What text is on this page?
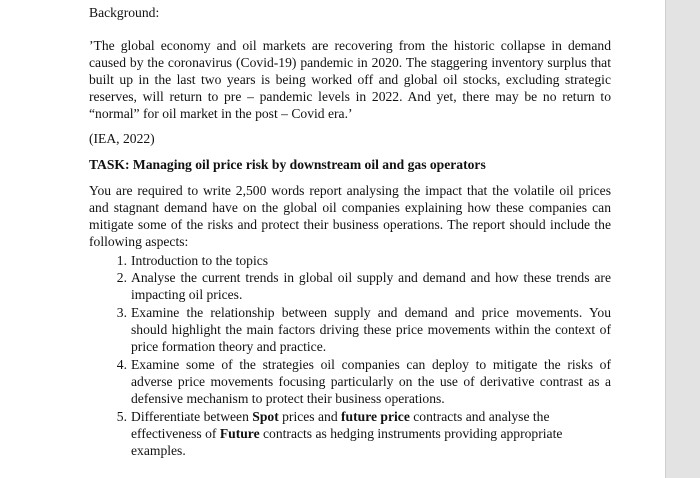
Background:

’The global economy and oil markets are recovering from the historic collapse in demand

caused by the coronavirus (Covid-19) pandemic in 2020. The staggering inventory surplus that

built up in the last two years is being worked off and global oil stocks, excluding strategic

reserves, will return to pre – pandemic levels in 2022. And yet, there may be no return to

“normal” for oil market in the post – Covid era.’

(IEA, 2022)

TASK: Managing oil price risk by downstream oil and gas operators

You are required to write 2,500 words report analysing the impact that the volatile oil prices

and stagnant demand have on the global oil companies explaining how these companies can

mitigate some of the risks and protect their business operations. The report should include the

following aspects:

1. Introduction to the topics
2. Analyse the current trends in global oil supply and demand and how these trends are
impacting oil prices.
3. Examine the relationship between supply and demand and price movements. You
should highlight the main factors driving these price movements within the context of
price formation theory and practice.
4. Examine some of the strategies oil companies can deploy to mitigate the risks of
adverse price movements focusing particularly on the use of derivative contrast as a
defensive mechanism to protect their business operations.
5. Differentiate between Spot prices and future price contracts and analyse the
effectiveness of Future contracts as hedging instruments providing appropriate
examples.
